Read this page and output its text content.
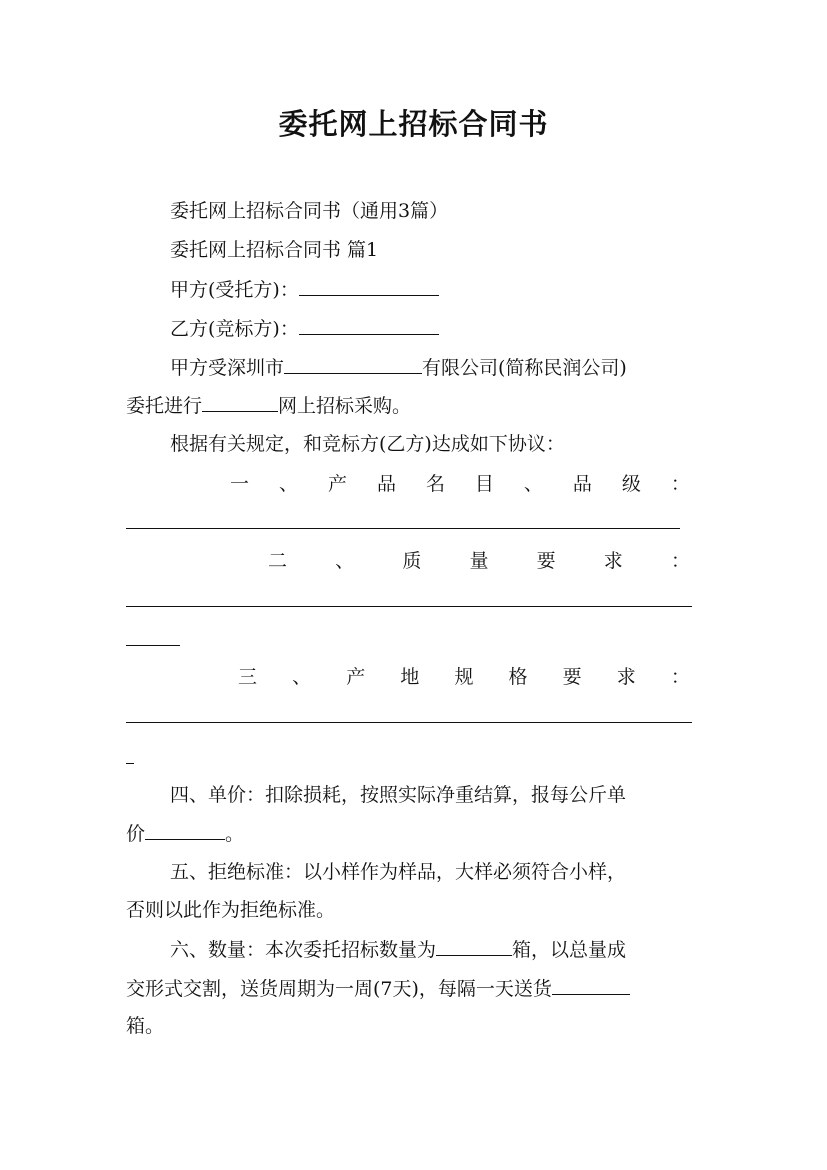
委托网上招标合同书
委托网上招标合同书（通用3篇）
委托网上招标合同书 篇1
甲方(受托方)：
乙方(竞标方)：
甲方受深圳市	有限公司(简称民润公司)
委托进行	网上招标采购。
根据有关规定，和竞标方(乙方)达成如下协议：
一 、 产 品 名 目 、 品 级 ：
二	、	质	量	要	求	：
三 、 产 地 规 格 要 求 ：
四、单价：扣除损耗，按照实际净重结算，报每公斤单
价	。
五、拒绝标准：以小样作为样品，大样必须符合小样，
否则以此作为拒绝标准。
六、数量：本次委托招标数量为	箱，以总量成
交形式交割，送货周期为一周(7天)，每隔一天送货
箱。
